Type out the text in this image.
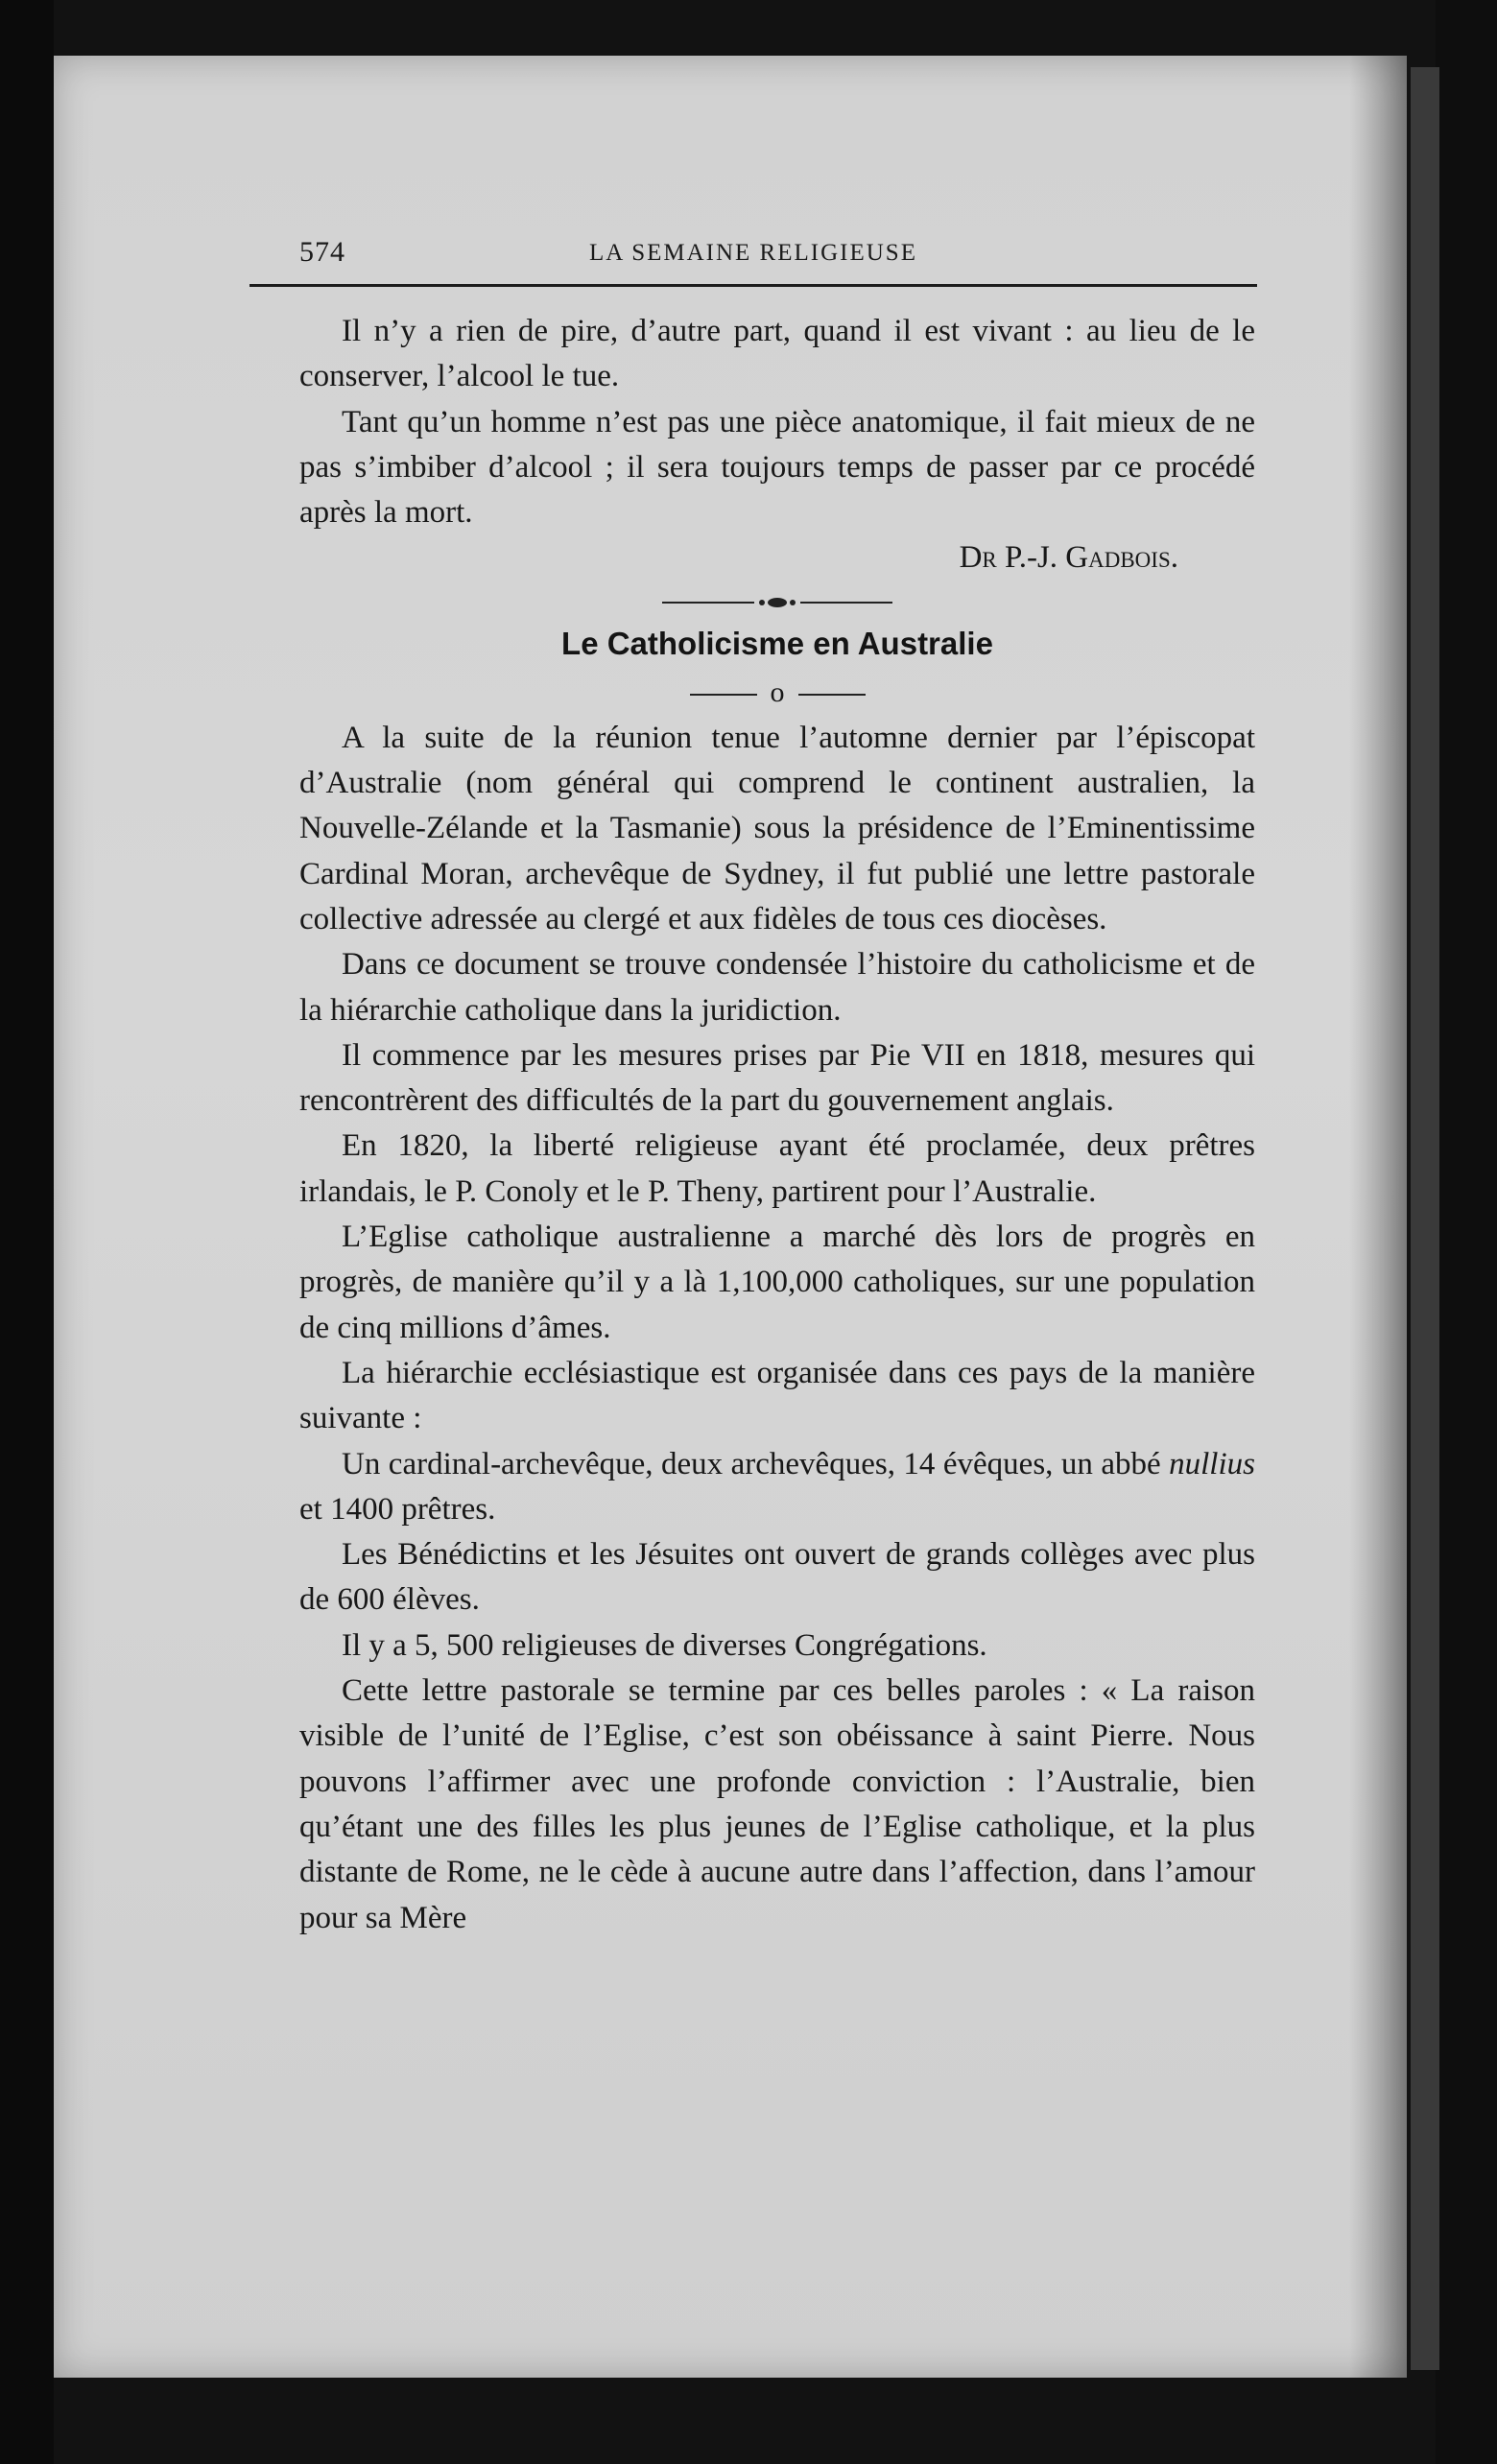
574	LA SEMAINE RELIGIEUSE

Il n’y a rien de pire, d’autre part, quand il est vivant : au lieu de le conserver, l’alcool le tue.

Tant qu’un homme n’est pas une pièce anatomique, il fait mieux de ne pas s’imbiber d’alcool ; il sera toujours temps de passer par ce procédé après la mort.

Dr P.-J. Gadbois.
Le Catholicisme en Australie
o

A la suite de la réunion tenue l’automne dernier par l’épiscopat d’Australie (nom général qui comprend le continent australien, la Nouvelle-Zélande et la Tasmanie) sous la présidence de l’Eminentissime Cardinal Moran, archevêque de Sydney, il fut publié une lettre pastorale collective adressée au clergé et aux fidèles de tous ces diocèses.

Dans ce document se trouve condensée l’histoire du catholicisme et de la hiérarchie catholique dans la juridiction.

Il commence par les mesures prises par Pie VII en 1818, mesures qui rencontrèrent des difficultés de la part du gouvernement anglais.

En 1820, la liberté religieuse ayant été proclamée, deux prêtres irlandais, le P. Conoly et le P. Theny, partirent pour l’Australie.

L’Eglise catholique australienne a marché dès lors de progrès en progrès, de manière qu’il y a là 1,100,000 catholiques, sur une population de cinq millions d’âmes.

La hiérarchie ecclésiastique est organisée dans ces pays de la manière suivante :

Un cardinal-archevêque, deux archevêques, 14 évêques, un abbé nullius et 1400 prêtres.

Les Bénédictins et les Jésuites ont ouvert de grands collèges avec plus de 600 élèves.

Il y a 5, 500 religieuses de diverses Congrégations.

Cette lettre pastorale se termine par ces belles paroles : « La raison visible de l’unité de l’Eglise, c’est son obéissance à saint Pierre. Nous pouvons l’affirmer avec une profonde conviction : l’Australie, bien qu’étant une des filles les plus jeunes de l’Eglise catholique, et la plus distante de Rome, ne le cède à aucune autre dans l’affection, dans l’amour pour sa Mère
